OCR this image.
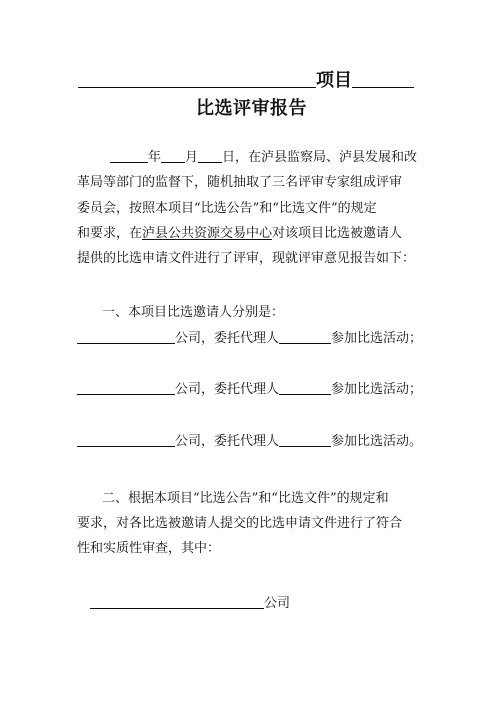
项目
比选评审报告
年 月 日，在泸县监察局、泸县发展和改
革局等部门的监督下，随机抽取了三名评审专家组成评审
委员会，按照本项目“比选公告”和“比选文件”的规定
和要求，在泸县公共资源交易中心对该项目比选被邀请人
提供的比选申请文件进行了评审，现就评审意见报告如下：
一、本项目比选邀请人分别是：
公司，委托代理人	参加比选活动；
公司，委托代理人	参加比选活动；
公司，委托代理人	参加比选活动。
二、根据本项目“比选公告”和“比选文件”的规定和
要求，对各比选被邀请人提交的比选申请文件进行了符合
性和实质性审查，其中：
公司
